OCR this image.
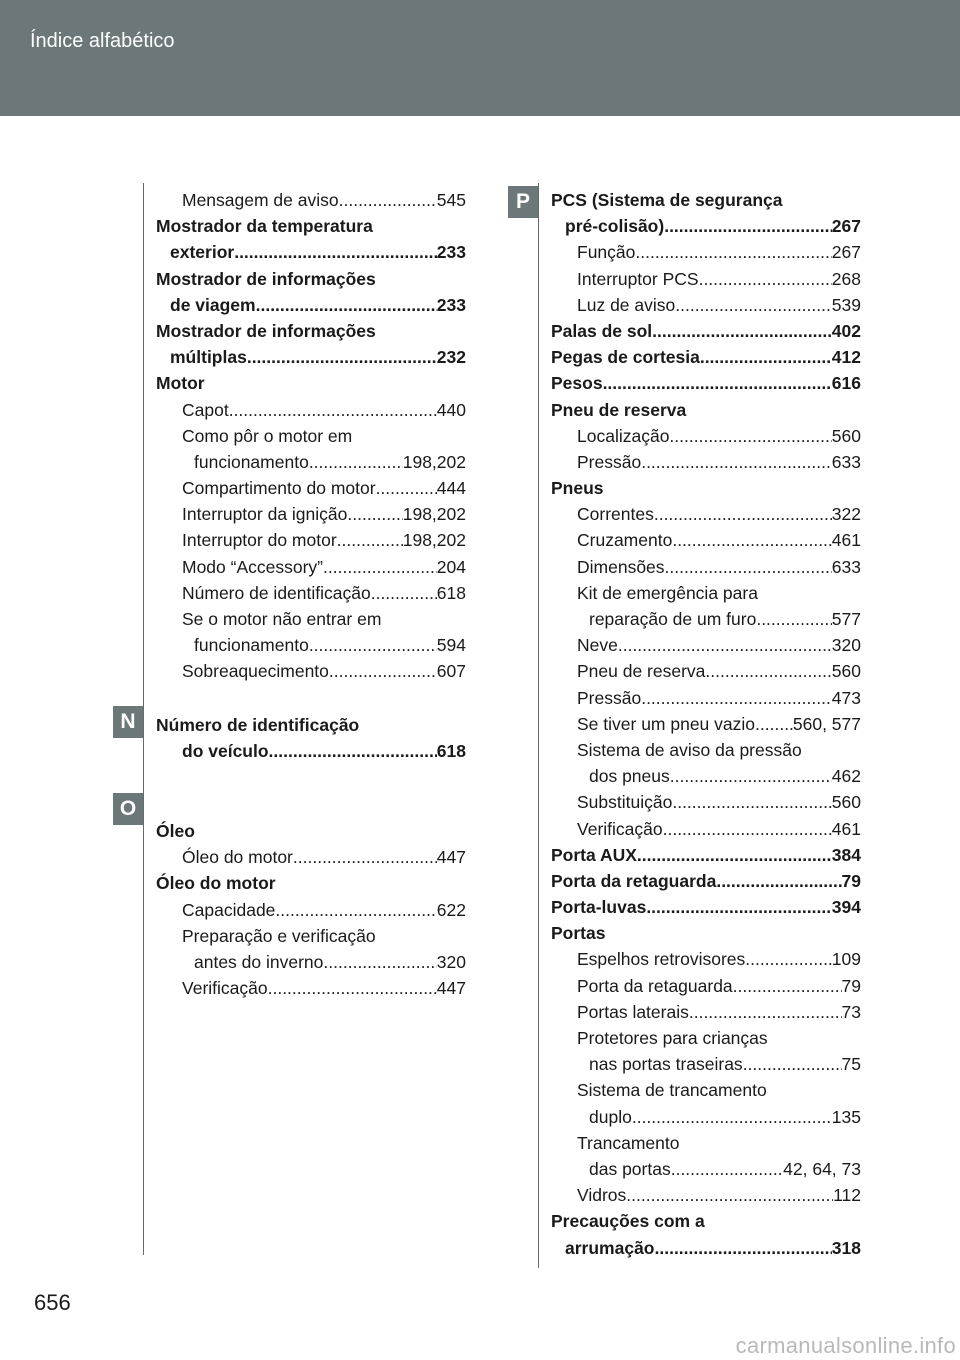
Índice alfabético
P
N
O
Mensagem de aviso .....	545
Mostrador da temperatura
exterior .....	233
Mostrador de informações
de viagem .....	233
Mostrador de informações
múltiplas .....	232
Motor
Capot .....	440
Como pôr o motor em
funcionamento .....	198,202
Compartimento do motor .....	444
Interruptor da ignição .....	198,202
Interruptor do motor .....	198,202
Modo “Accessory” .....	204
Número de identificação .....	618
Se o motor não entrar em
funcionamento .....	594
Sobreaquecimento .....	607
Número de identificação
do veículo .....	618
Óleo
Óleo do motor .....	447
Óleo do motor
Capacidade .....	622
Preparação e verificação
antes do inverno .....	320
Verificação .....	447
PCS (Sistema de segurança
pré-colisão) .....	267
Função .....	267
Interruptor PCS .....	268
Luz de aviso .....	539
Palas de sol .....	402
Pegas de cortesia .....	412
Pesos .....	616
Pneu de reserva
Localização .....	560
Pressão .....	633
Pneus
Correntes .....	322
Cruzamento .....	461
Dimensões .....	633
Kit de emergência para
reparação de um furo .....	577
Neve .....	320
Pneu de reserva .....	560
Pressão .....	473
Se tiver um pneu vazio ..... 560, 577
Sistema de aviso da pressão
dos pneus .....	462
Substituição .....	560
Verificação .....	461
Porta AUX .....	384
Porta da retaguarda .....	79
Porta-luvas .....	394
Portas
Espelhos retrovisores .....	109
Porta da retaguarda .....	79
Portas laterais .....	73
Protetores para crianças
nas portas traseiras .....	75
Sistema de trancamento
duplo .....	135
Trancamento
das portas .....	42, 64, 73
Vidros .....	112
Precauções com a
arrumação .....	318
656
carmanualsonline.info
